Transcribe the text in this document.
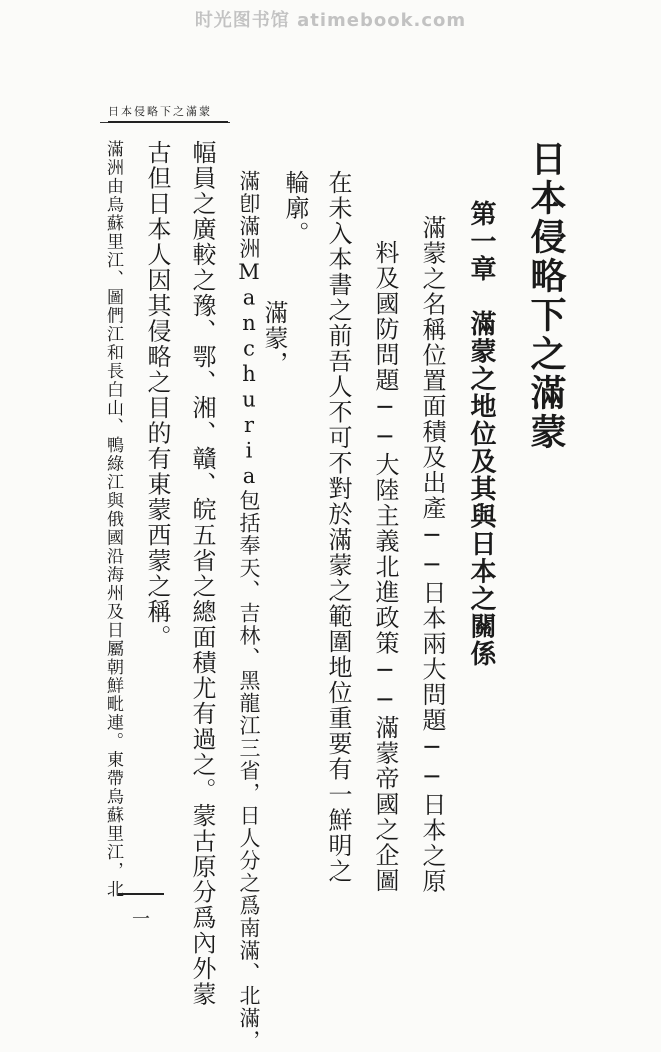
时光图书馆 atimebook.com
日本侵略下之滿蒙
日本侵略下之滿蒙
第一章　滿蒙之地位及其與日本之關係
滿蒙之名稱位置面積及出產──日本兩大問題──日本之原
料及國防問題──大陸主義北進政策──滿蒙帝國之企圖
在未入本書之前吾人不可不對於滿蒙之範圍地位重要有一鮮明之
輪廓。
滿蒙，
滿卽滿洲Manchuria包括奉天、吉林、黑龍江三省，日人分之爲南滿、北滿，
幅員之廣較之豫、鄂、湘、贛、皖五省之總面積尤有過之。蒙古原分爲內外蒙
古但日本人因其侵略之目的有東蒙西蒙之稱。
滿洲由烏蘇里江、圖們江和長白山、鴨綠江與俄國沿海州及日屬朝鮮毗連。東帶烏蘇里江，北
一
